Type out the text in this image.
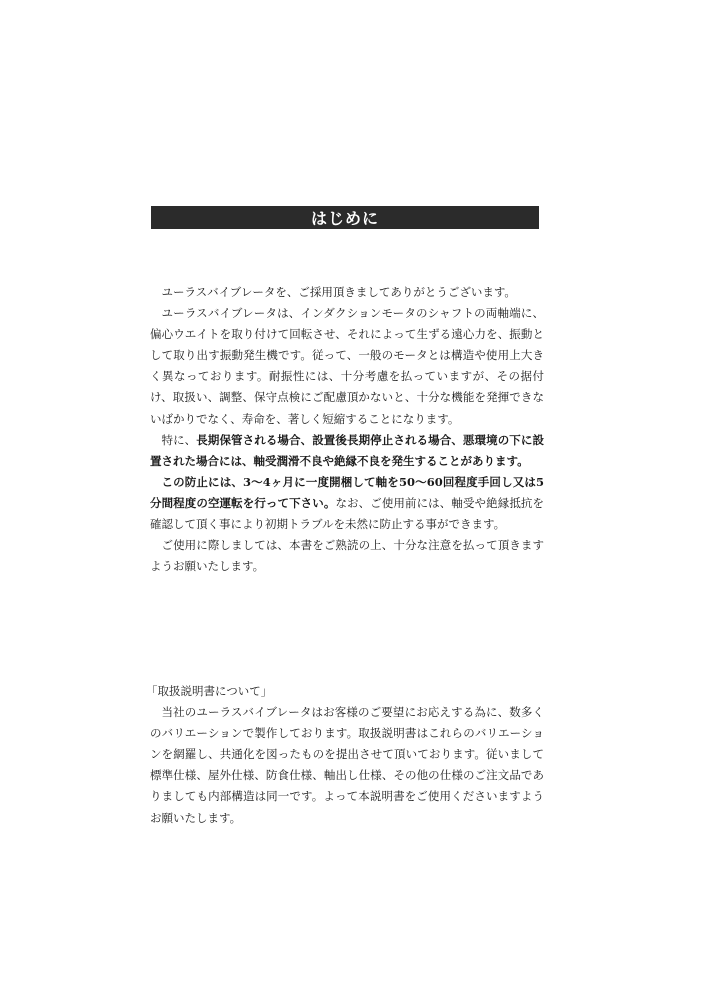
はじめに

ユーラスバイブレータを、ご採用頂きましてありがとうございます。

ユーラスバイブレータは、インダクションモータのシャフトの両軸端に、偏心ウエイトを取り付けて回転させ、それによって生ずる遠心力を、振動として取り出す振動発生機です。従って、一般のモータとは構造や使用上大きく異なっております。耐振性には、十分考慮を払っていますが、その据付け、取扱い、調整、保守点検にご配慮頂かないと、十分な機能を発揮できないばかりでなく、寿命を、著しく短縮することになります。

特に、長期保管される場合、設置後長期停止される場合、悪環境の下に設置された場合には、軸受潤滑不良や絶縁不良を発生することがあります。

この防止には、3～4ヶ月に一度開梱して軸を50～60回程度手回し又は5分間程度の空運転を行って下さい。なお、ご使用前には、軸受や絶縁抵抗を確認して頂く事により初期トラブルを未然に防止する事ができます。

ご使用に際しましては、本書をご熟読の上、十分な注意を払って頂きますようお願いたします。

「取扱説明書について」

当社のユーラスバイブレータはお客様のご要望にお応えする為に、数多くのバリエーションで製作しております。取扱説明書はこれらのバリエーションを網羅し、共通化を図ったものを提出させて頂いております。従いまして標準仕様、屋外仕様、防食仕様、軸出し仕様、その他の仕様のご注文品でありましても内部構造は同一です。よって本説明書をご使用くださいますようお願いたします。
